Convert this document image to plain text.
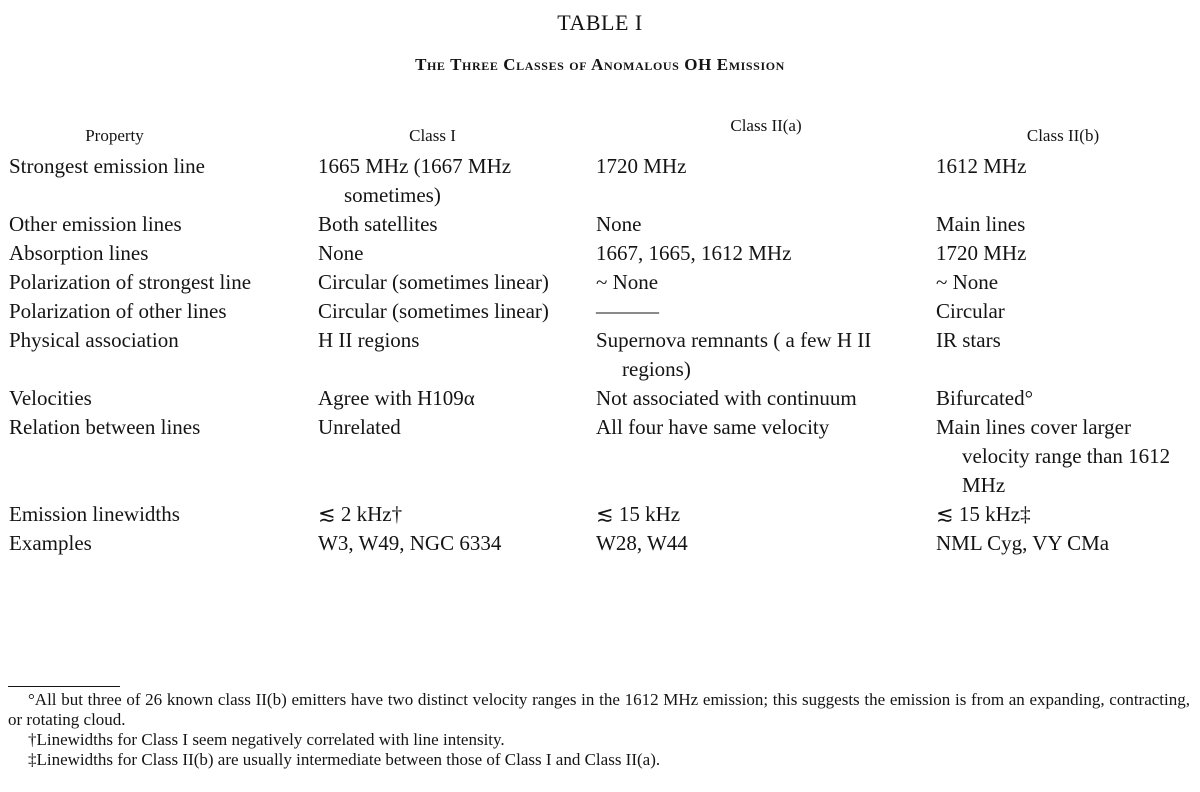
TABLE I
The Three Classes of Anomalous OH Emission
Property	Class I	Class II(a)	Class II(b)

Strongest emission line	1665 MHz (1667 MHz sometimes)	1720 MHz	1612 MHz

Other emission lines	Both satellites	None	Main lines

Absorption lines	None	1667, 1665, 1612 MHz	1720 MHz

Polarization of strongest line	Circular (sometimes linear)	~ None	~ None

Polarization of other lines	Circular (sometimes linear)	———	Circular

Physical association	H II regions	Supernova remnants ( a few H II regions)	IR stars

Velocities	Agree with H109α	Not associated with continuum	Bifurcated°

Relation between lines	Unrelated	All four have same velocity	Main lines cover larger velocity range than 1612 MHz

Emission linewidths	≲ 2 kHz†	≲ 15 kHz	≲ 15 kHz‡

Examples	W3, W49, NGC 6334	W28, W44	NML Cyg, VY CMa

°All but three of 26 known class II(b) emitters have two distinct velocity ranges in the 1612 MHz emission; this suggests the emission is from an expanding, contracting, or rotating cloud.

†Linewidths for Class I seem negatively correlated with line intensity.

‡Linewidths for Class II(b) are usually intermediate between those of Class I and Class II(a).
